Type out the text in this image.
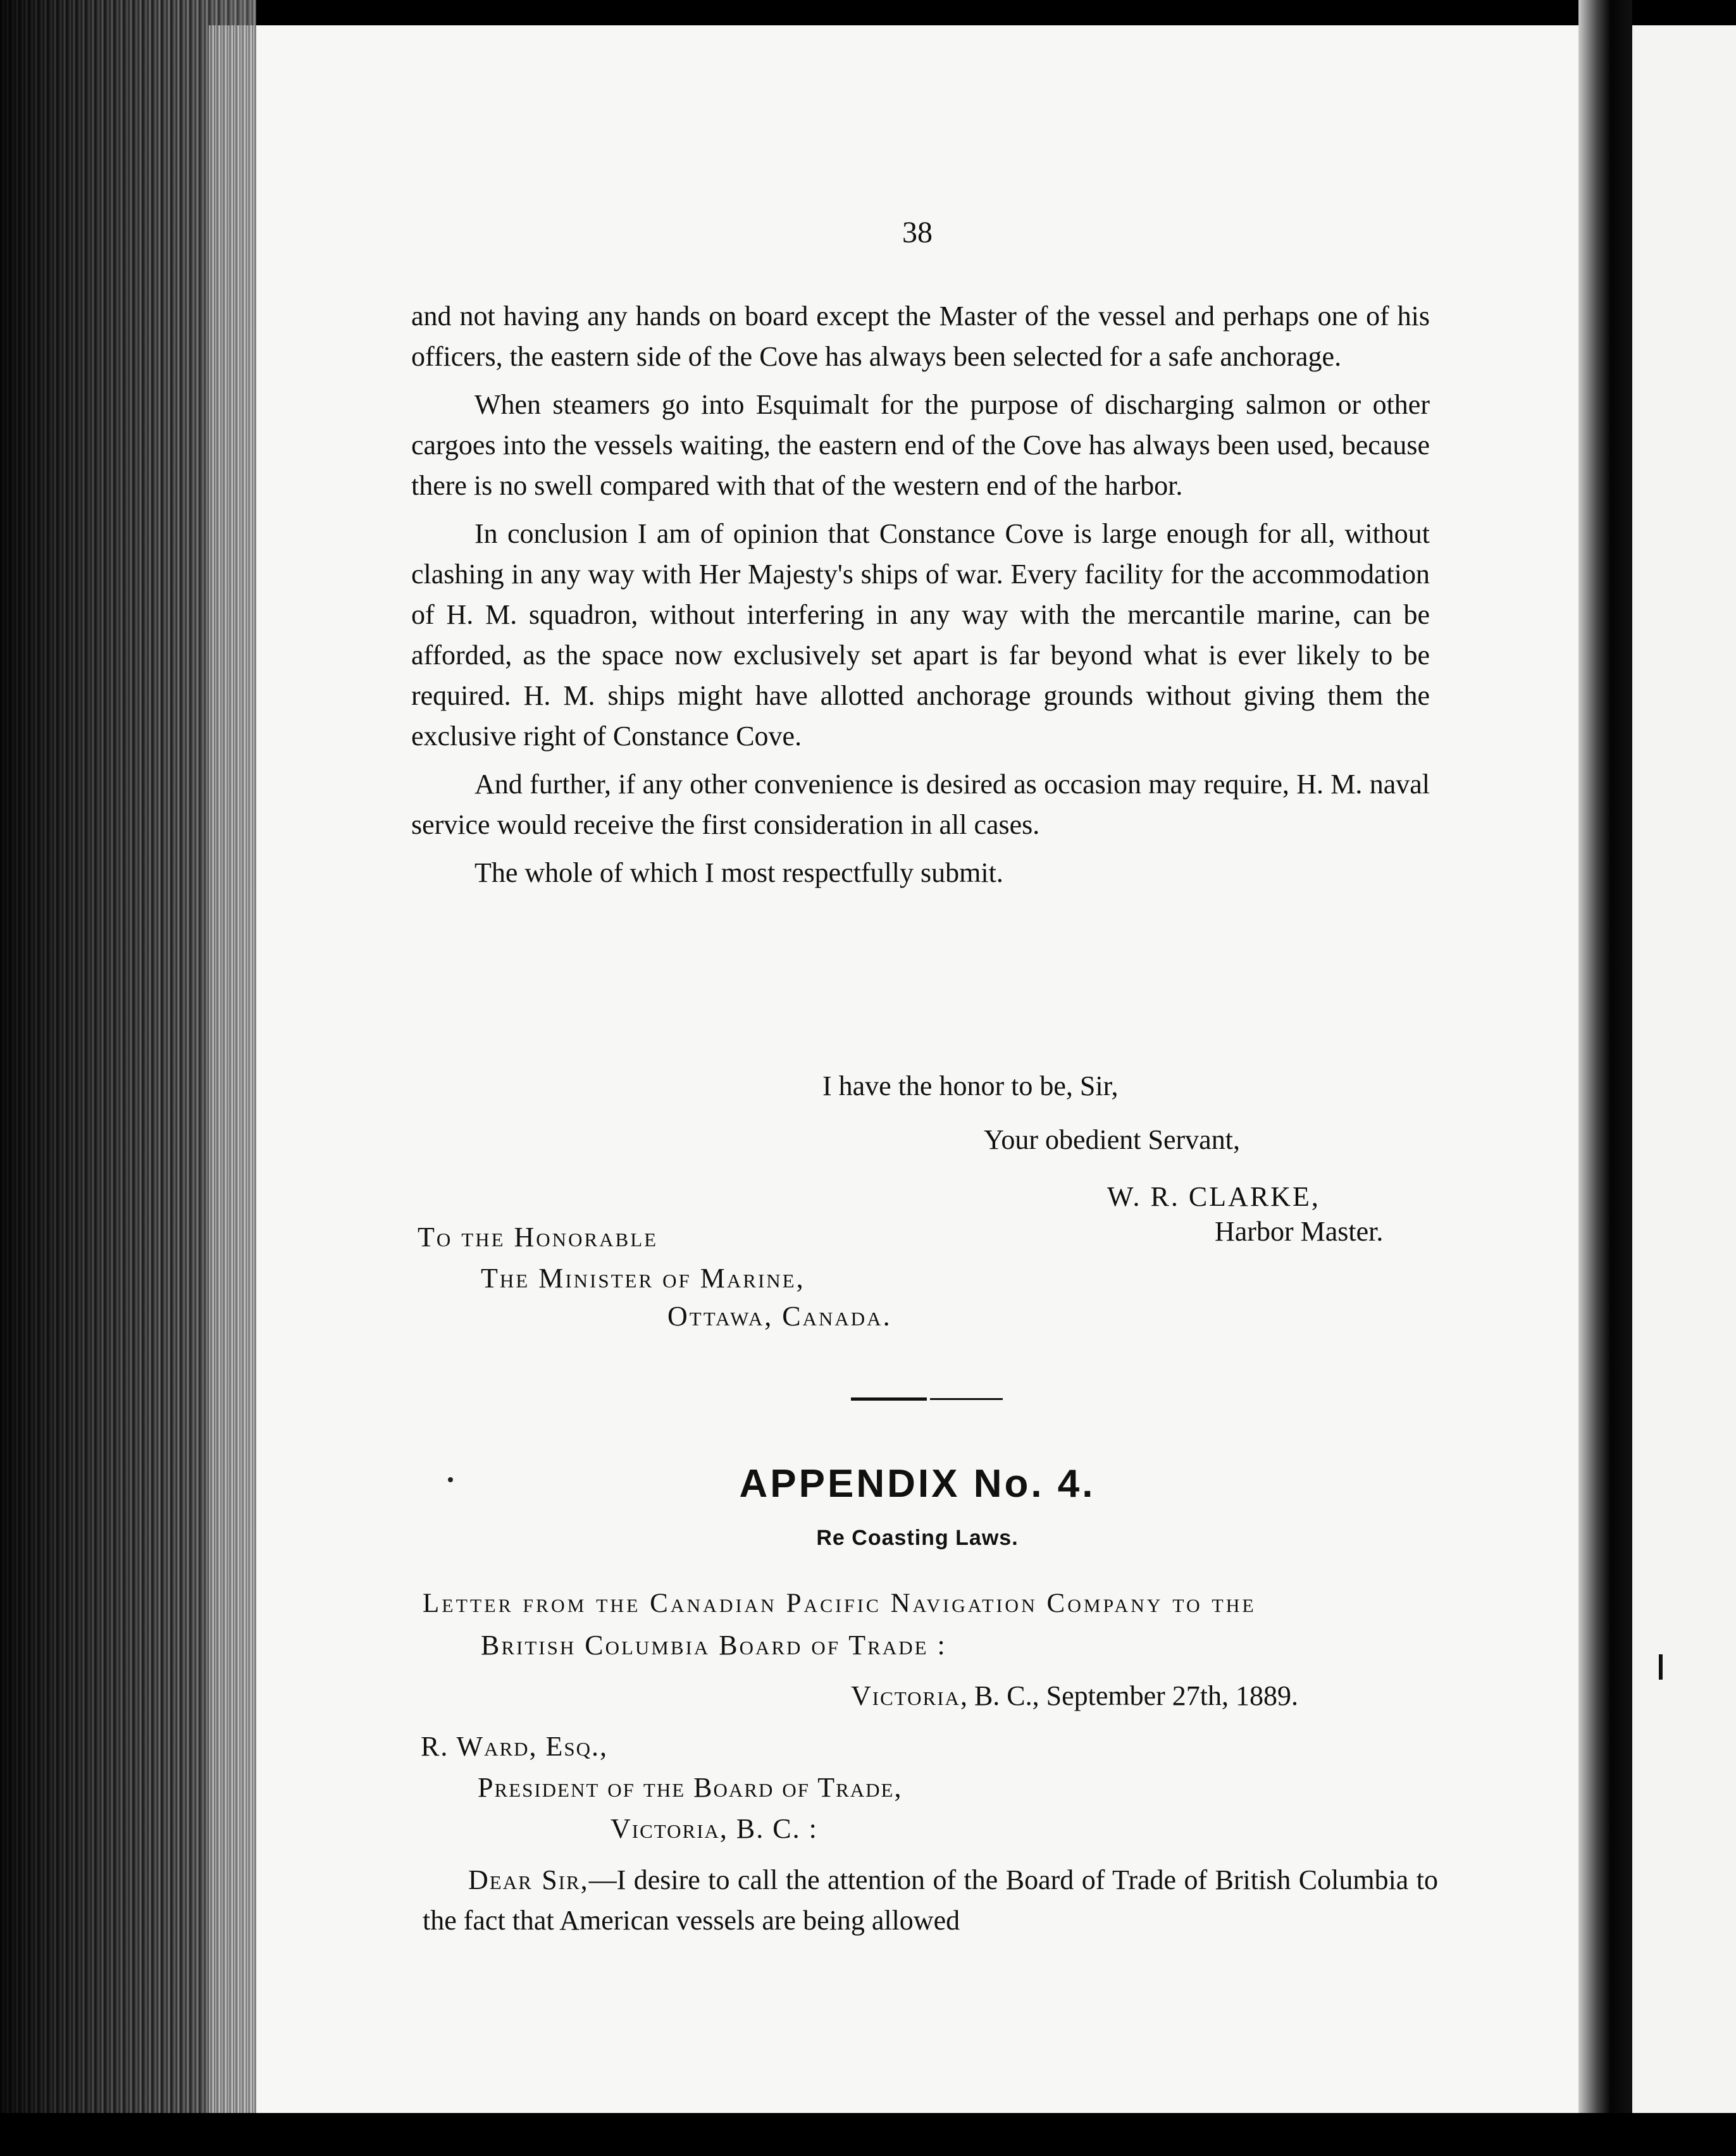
38

and not having any hands on board except the Master of the vessel and perhaps one of his officers, the eastern side of the Cove has always been selected for a safe anchorage.

When steamers go into Esquimalt for the purpose of discharging salmon or other cargoes into the vessels waiting, the eastern end of the Cove has always been used, because there is no swell compared with that of the western end of the harbor.

In conclusion I am of opinion that Constance Cove is large enough for all, without clashing in any way with Her Majesty's ships of war. Every facility for the accommodation of H. M. squadron, without interfering in any way with the mercantile marine, can be afforded, as the space now exclusively set apart is far beyond what is ever likely to be required. H. M. ships might have allotted anchorage grounds without giving them the exclusive right of Constance Cove.

And further, if any other convenience is desired as occasion may require, H. M. naval service would receive the first consideration in all cases.

The whole of which I most respectfully submit.

I have the honor to be, Sir,
Your obedient Servant,
W. R. CLARKE,
Harbor Master.
To the Honorable
The Minister of Marine,
Ottawa, Canada.
APPENDIX No. 4.
Re Coasting Laws.
Letter from the Canadian Pacific Navigation Company to the
British Columbia Board of Trade :
Victoria, B. C., September 27th, 1889.
R. Ward, Esq.,
President of the Board of Trade,
Victoria, B. C. :

Dear Sir,—I desire to call the attention of the Board of Trade of British Columbia to the fact that American vessels are being allowed
